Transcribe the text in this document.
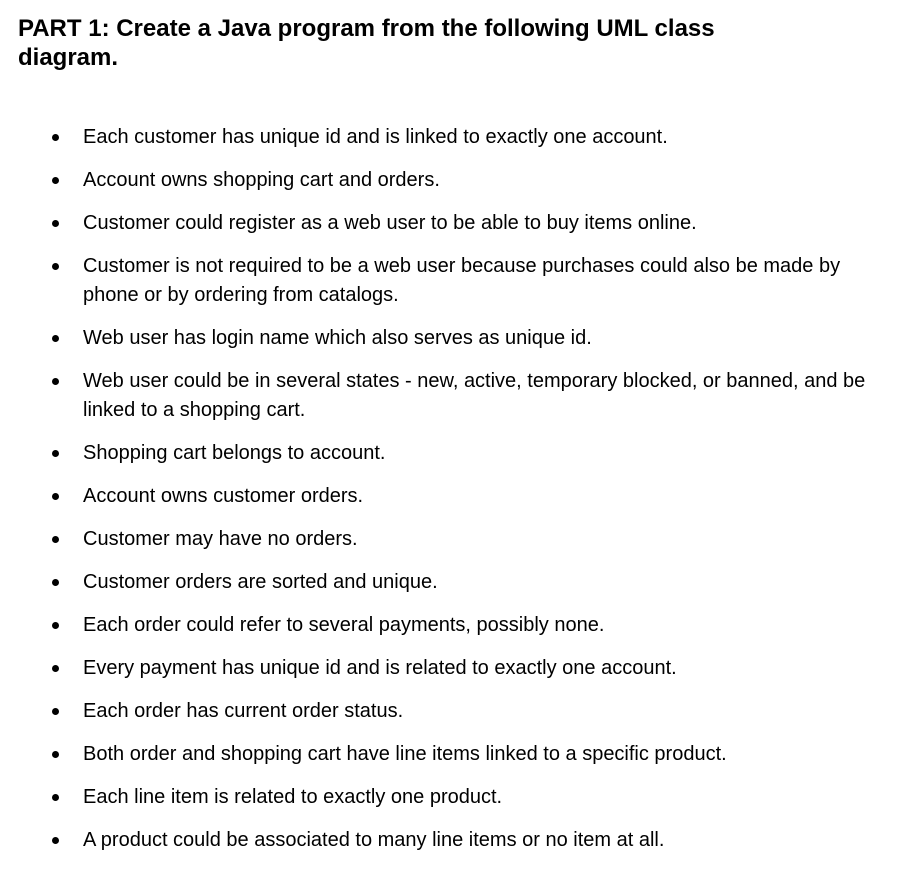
PART 1: Create a Java program from the following UML class diagram.
Each customer has unique id and is linked to exactly one account.
Account owns shopping cart and orders.
Customer could register as a web user to be able to buy items online.
Customer is not required to be a web user because purchases could also be made by phone or by ordering from catalogs.
Web user has login name which also serves as unique id.
Web user could be in several states - new, active, temporary blocked, or banned, and be linked to a shopping cart.
Shopping cart belongs to account.
Account owns customer orders.
Customer may have no orders.
Customer orders are sorted and unique.
Each order could refer to several payments, possibly none.
Every payment has unique id and is related to exactly one account.
Each order has current order status.
Both order and shopping cart have line items linked to a specific product.
Each line item is related to exactly one product.
A product could be associated to many line items or no item at all.
